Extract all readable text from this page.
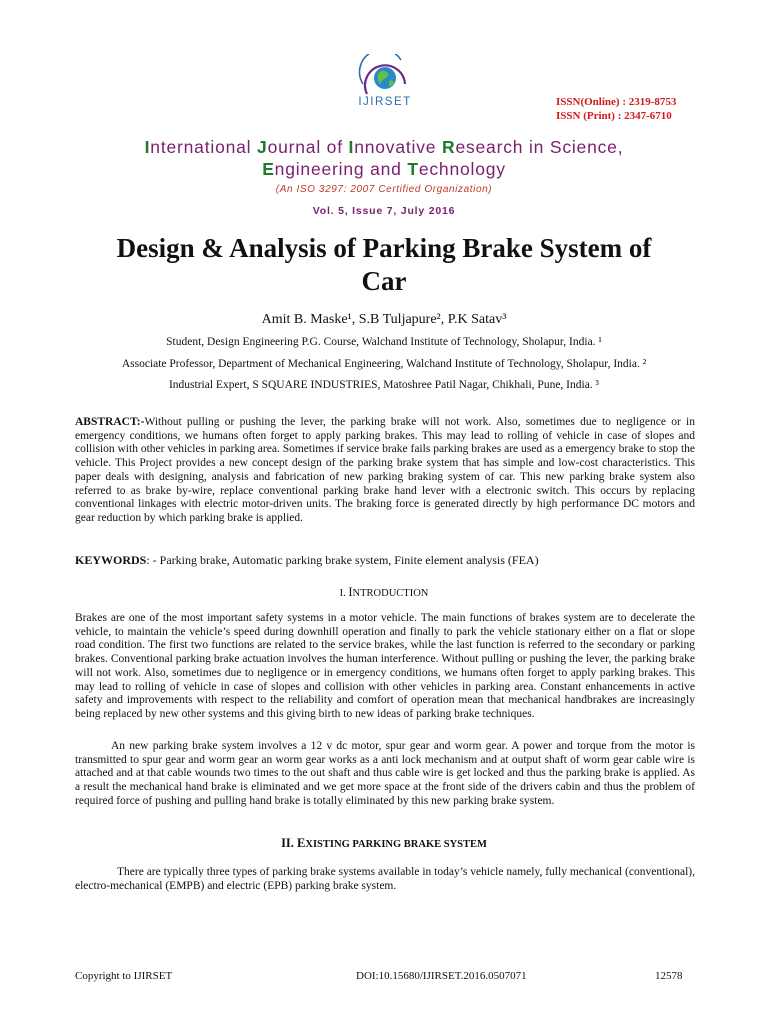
IJIRSET	ISSN(Online) : 2319-8753
ISSN (Print) : 2347-6710
International Journal of Innovative Research in Science,
Engineering and Technology
(An ISO 3297: 2007 Certified Organization)
Vol. 5, Issue 7, July 2016
Design & Analysis of Parking Brake System of
Car
Amit B. Maske¹, S.B Tuljapure², P.K Satav³
Student, Design Engineering P.G. Course, Walchand Institute of Technology, Sholapur, India. ¹
Associate Professor, Department of Mechanical Engineering, Walchand Institute of Technology, Sholapur, India. ²
Industrial Expert, S SQUARE INDUSTRIES, Matoshree Patil Nagar, Chikhali, Pune, India. ³

ABSTRACT:-Without pulling or pushing the lever, the parking brake will not work. Also, sometimes due to negligence or in emergency conditions, we humans often forget to apply parking brakes. This may lead to rolling of vehicle in case of slopes and collision with other vehicles in parking area. Sometimes if service brake fails parking brakes are used as a emergency brake to stop the vehicle. This Project provides a new concept design of the parking brake system that has simple and low-cost characteristics. This paper deals with designing, analysis and fabrication of new parking braking system of car. This new parking brake system also referred to as brake by-wire, replace conventional parking brake hand lever with a electronic switch. This occurs by replacing conventional linkages with electric motor-driven units. The braking force is generated directly by high performance DC motors and gear reduction by which parking brake is applied.

KEYWORDS: - Parking brake, Automatic parking brake system, Finite element analysis (FEA)

I. INTRODUCTION

Brakes are one of the most important safety systems in a motor vehicle. The main functions of brakes system are to decelerate the vehicle, to maintain the vehicle’s speed during downhill operation and finally to park the vehicle stationary either on a flat or slope road condition. The first two functions are related to the service brakes, while the last function is referred to the secondary or parking brakes. Conventional parking brake actuation involves the human interference. Without pulling or pushing the lever, the parking brake will not work. Also, sometimes due to negligence or in emergency conditions, we humans often forget to apply parking brakes. This may lead to rolling of vehicle in case of slopes and collision with other vehicles in parking area. Constant enhancements in active safety and improvements with respect to the reliability and comfort of operation mean that mechanical handbrakes are increasingly being replaced by new other systems and this giving birth to new ideas of parking brake techniques.

An new parking brake system involves a 12 v dc motor, spur gear and worm gear. A power and torque from the motor is transmitted to spur gear and worm gear an worm gear works as a anti lock mechanism and at output shaft of worm gear cable wire is attached and at that cable wounds two times to the out shaft and thus cable wire is get locked and thus the parking brake is applied. As a result the mechanical hand brake is eliminated and we get more space at the front side of the drivers cabin and thus the problem of required force of pushing and pulling hand brake is totally eliminated by this new parking brake system.

II. EXISTING PARKING BRAKE SYSTEM

There are typically three types of parking brake systems available in today’s vehicle namely, fully mechanical (conventional), electro-mechanical (EMPB) and electric (EPB) parking brake system.

Copyright to IJIRSET	DOI:10.15680/IJIRSET.2016.0507071	12578
